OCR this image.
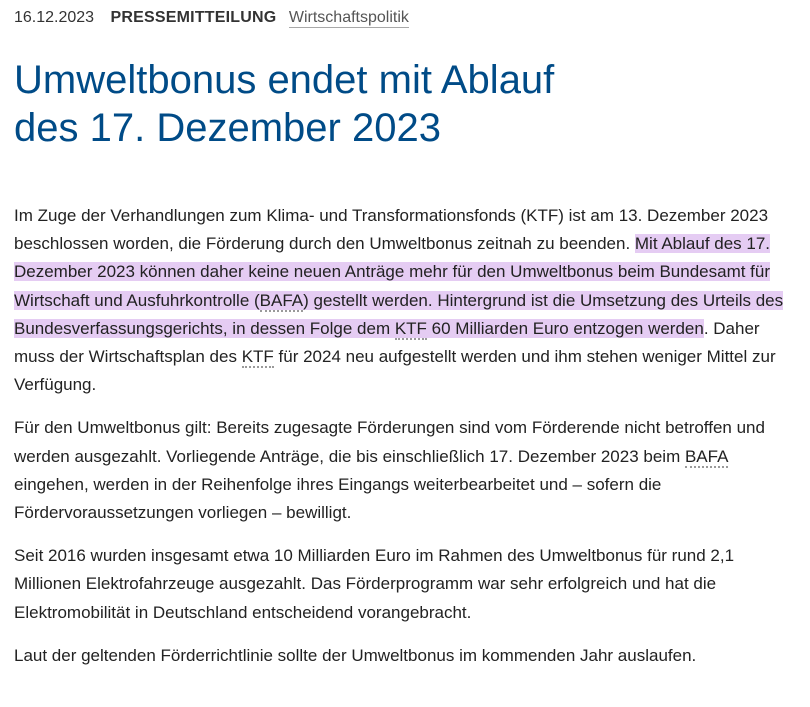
16.12.2023 PRESSEMITTEILUNG Wirtschaftspolitik
Umweltbonus endet mit Ablauf
des 17. Dezember 2023

Im Zuge der Verhandlungen zum Klima- und Transformationsfonds (KTF) ist am 13. Dezember 2023 beschlossen worden, die Förderung durch den Umweltbonus zeitnah zu beenden. Mit Ablauf des 17. Dezember 2023 können daher keine neuen Anträge mehr für den Umweltbonus beim Bundesamt für Wirtschaft und Ausfuhrkontrolle (BAFA) gestellt werden. Hintergrund ist die Umsetzung des Urteils des Bundesverfassungsgerichts, in dessen Folge dem KTF 60 Milliarden Euro entzogen werden. Daher muss der Wirtschaftsplan des KTF für 2024 neu aufgestellt werden und ihm stehen weniger Mittel zur Verfügung.

Für den Umweltbonus gilt: Bereits zugesagte Förderungen sind vom Förderende nicht betroffen und werden ausgezahlt. Vorliegende Anträge, die bis einschließlich 17. Dezember 2023 beim BAFA eingehen, werden in der Reihenfolge ihres Eingangs weiterbearbeitet und – sofern die Fördervoraussetzungen vorliegen – bewilligt.

Seit 2016 wurden insgesamt etwa 10 Milliarden Euro im Rahmen des Umweltbonus für rund 2,1 Millionen Elektrofahrzeuge ausgezahlt. Das Förderprogramm war sehr erfolgreich und hat die Elektromobilität in Deutschland entscheidend vorangebracht.

Laut der geltenden Förderrichtlinie sollte der Umweltbonus im kommenden Jahr auslaufen.
